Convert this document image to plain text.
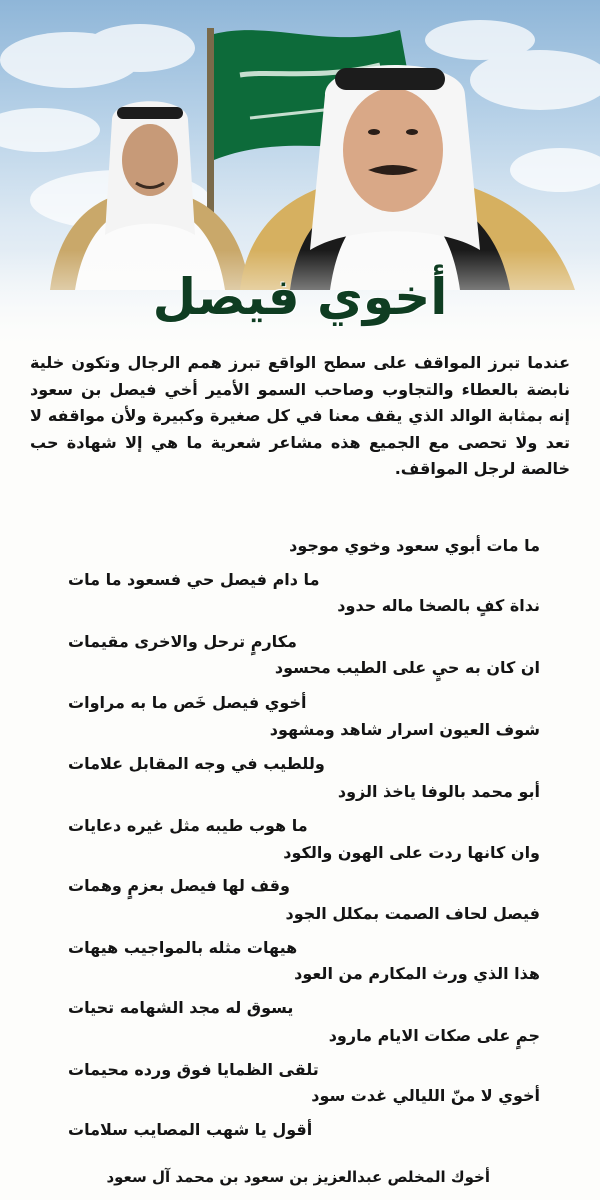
أخوي فيصل

عندما تبرز المواقف على سطح الواقع تبرز همم الرجال وتكون خلية نابضة بالعطاء والتجاوب وصاحب السمو الأمير أخي فيصل بن سعود إنه بمثابة الوالد الذي يقف معنا في كل صغيرة وكبيرة ولأن مواقفه لا تعد ولا تحصى مع الجميع هذه مشاعر شعرية ما هي إلا شهادة حب خالصة لرجل المواقف.

ما مات أبوي سعود وخوي موجود
ما دام فيصل حي فسعود ما مات
نداة كفٍ بالصخا ماله حدود
مكارمٍ ترحل والاخرى مقيمات
ان كان به حيٍ على الطيب محسود
أخوي فيصل خَص ما به مراوات
شوف العيون اسرار شاهد ومشهود
وللطيب في وجه المقابل علامات
أبو محمد بالوفا ياخذ الزود
ما هوب طيبه مثل غيره دعايات
وان كانها ردت على الهون والكود
وقف لها فيصل بعزمٍ وهمات
فيصل لحاف الصمت بمكلل الجود
هيهات مثله بالمواجيب هيهات
هذا الذي ورث المكارم من العود
يسوق له مجد الشهامه تحيات
جمٍ على صكات الايام مارود
تلقى الظمايا فوق ورده محيمات
أخوي لا منّ الليالي غدت سود
أقول يا شهب المصايب سلامات
أخوك المخلص عبدالعزيز بن سعود بن محمد آل سعود
